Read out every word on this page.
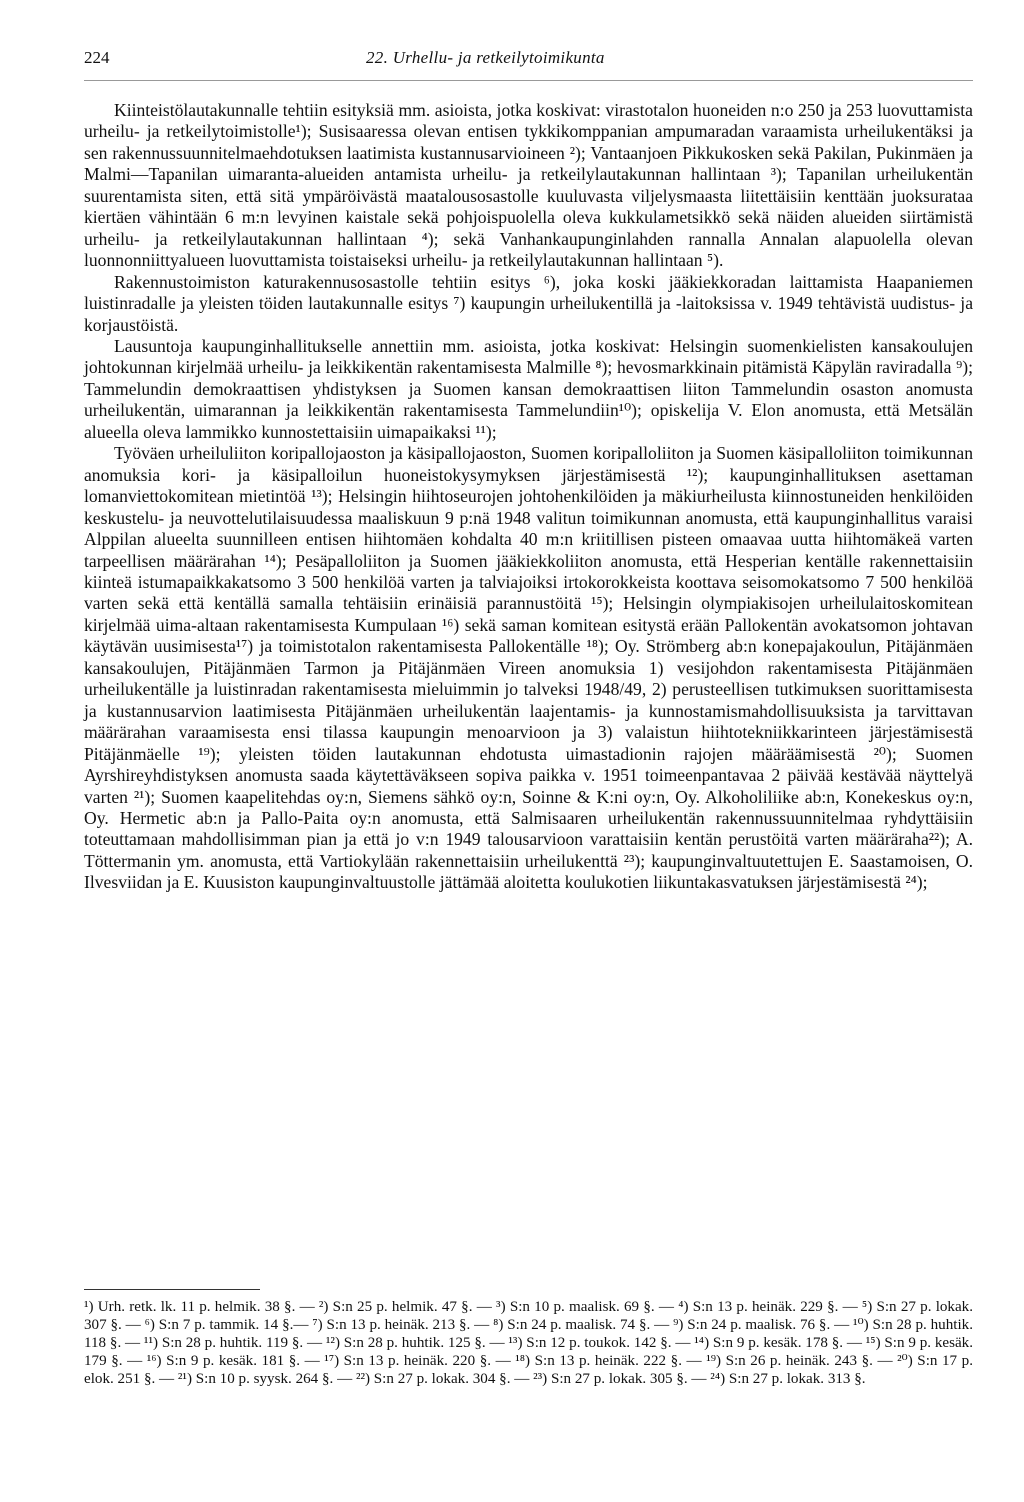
224	22. Urhellu- ja retkeilytoimikunta

Kiinteistölautakunnalle tehtiin esityksiä mm. asioista, jotka koskivat: virastotalon huoneiden n:o 250 ja 253 luovuttamista urheilu- ja retkeilytoimistolle¹); Susisaaressa olevan entisen tykkikomppanian ampumaradan varaamista urheilukentäksi ja sen rakennussuunnitelmaehdotuksen laatimista kustannusarvioineen ²); Vantaanjoen Pikkukosken sekä Pakilan, Pukinmäen ja Malmi—Tapanilan uimaranta-alueiden antamista urheilu- ja retkeilylautakunnan hallintaan ³); Tapanilan urheilukentän suurentamista siten, että sitä ympäröivästä maatalousosastolle kuuluvasta viljelysmaasta liitettäisiin kenttään juoksurataa kiertäen vähintään 6 m:n levyinen kaistale sekä pohjoispuolella oleva kukkulametsikkö sekä näiden alueiden siirtämistä urheilu- ja retkeilylautakunnan hallintaan ⁴); sekä Vanhankaupunginlahden rannalla Annalan alapuolella olevan luonnonniittyalueen luovuttamista toistaiseksi urheilu- ja retkeilylautakunnan hallintaan ⁵).

Rakennustoimiston katurakennusosastolle tehtiin esitys ⁶), joka koski jääkiekkoradan laittamista Haapaniemen luistinradalle ja yleisten töiden lautakunnalle esitys ⁷) kaupungin urheilukentillä ja -laitoksissa v. 1949 tehtävistä uudistus- ja korjaustöistä.

Lausuntoja kaupunginhallitukselle annettiin mm. asioista, jotka koskivat: Helsingin suomenkielisten kansakoulujen johtokunnan kirjelmää urheilu- ja leikkikentän rakentamisesta Malmille ⁸); hevosmarkkinain pitämistä Käpylän raviradalla ⁹); Tammelundin demokraattisen yhdistyksen ja Suomen kansan demokraattisen liiton Tammelundin osaston anomusta urheilukentän, uimarannan ja leikkikentän rakentamisesta Tammelundiin¹⁰); opiskelija V. Elon anomusta, että Metsälän alueella oleva lammikko kunnostettaisiin uimapaikaksi ¹¹);

Työväen urheiluliiton koripallojaoston ja käsipallojaoston, Suomen koripalloliiton ja Suomen käsipalloliiton toimikunnan anomuksia kori- ja käsipalloilun huoneistokysymyksen järjestämisestä ¹²); kaupunginhallituksen asettaman lomanviettokomitean mietintöä ¹³); Helsingin hiihtoseurojen johtohenkilöiden ja mäkiurheilusta kiinnostuneiden henkilöiden keskustelu- ja neuvottelutilaisuudessa maaliskuun 9 p:nä 1948 valitun toimikunnan anomusta, että kaupunginhallitus varaisi Alppilan alueelta suunnilleen entisen hiihtomäen kohdalta 40 m:n kriitillisen pisteen omaavaa uutta hiihtomäkeä varten tarpeellisen määrärahan ¹⁴); Pesäpalloliiton ja Suomen jääkiekkoliiton anomusta, että Hesperian kentälle rakennettaisiin kiinteä istumapaikkakatsomo 3 500 henkilöä varten ja talviajoiksi irtokorokkeista koottava seisomokatsomo 7 500 henkilöä varten sekä että kentällä samalla tehtäisiin erinäisiä parannustöitä ¹⁵); Helsingin olympiakisojen urheilulaitoskomitean kirjelmää uima-altaan rakentamisesta Kumpulaan ¹⁶) sekä saman komitean esitystä erään Pallokentän avokatsomon johtavan käytävän uusimisesta¹⁷) ja toimistotalon rakentamisesta Pallokentälle ¹⁸); Oy. Strömberg ab:n konepajakoulun, Pitäjänmäen kansakoulujen, Pitäjänmäen Tarmon ja Pitäjänmäen Vireen anomuksia 1) vesijohdon rakentamisesta Pitäjänmäen urheilukentälle ja luistinradan rakentamisesta mieluimmin jo talveksi 1948/49, 2) perusteellisen tutkimuksen suorittamisesta ja kustannusarvion laatimisesta Pitäjänmäen urheilukentän laajentamis- ja kunnostamismahdollisuuksista ja tarvittavan määrärahan varaamisesta ensi tilassa kaupungin menoarvioon ja 3) valaistun hiihtotekniikkarinteen järjestämisestä Pitäjänmäelle ¹⁹); yleisten töiden lautakunnan ehdotusta uimastadionin rajojen määräämisestä ²⁰); Suomen Ayrshireyhdistyksen anomusta saada käytettäväkseen sopiva paikka v. 1951 toimeenpantavaa 2 päivää kestävää näyttelyä varten ²¹); Suomen kaapelitehdas oy:n, Siemens sähkö oy:n, Soinne & K:ni oy:n, Oy. Alkoholiliike ab:n, Konekeskus oy:n, Oy. Hermetic ab:n ja Pallo-Paita oy:n anomusta, että Salmisaaren urheilukentän rakennussuunnitelmaa ryhdyttäisiin toteuttamaan mahdollisimman pian ja että jo v:n 1949 talousarvioon varattaisiin kentän perustöitä varten määräraha²²); A. Töttermanin ym. anomusta, että Vartiokylään rakennettaisiin urheilukenttä ²³); kaupunginvaltuutettujen E. Saastamoisen, O. Ilvesviidan ja E. Kuusiston kaupunginvaltuustolle jättämää aloitetta koulukotien liikuntakasvatuksen järjestämisestä ²⁴);

¹) Urh. retk. lk. 11 p. helmik. 38 §. — ²) S:n 25 p. helmik. 47 §. — ³) S:n 10 p. maalisk. 69 §. — ⁴) S:n 13 p. heinäk. 229 §. — ⁵) S:n 27 p. lokak. 307 §. — ⁶) S:n 7 p. tammik. 14 §.— ⁷) S:n 13 p. heinäk. 213 §. — ⁸) S:n 24 p. maalisk. 74 §. — ⁹) S:n 24 p. maalisk. 76 §. — ¹⁰) S:n 28 p. huhtik. 118 §. — ¹¹) S:n 28 p. huhtik. 119 §. — ¹²) S:n 28 p. huhtik. 125 §. — ¹³) S:n 12 p. toukok. 142 §. — ¹⁴) S:n 9 p. kesäk. 178 §. — ¹⁵) S:n 9 p. kesäk. 179 §. — ¹⁶) S:n 9 p. kesäk. 181 §. — ¹⁷) S:n 13 p. heinäk. 220 §. — ¹⁸) S:n 13 p. heinäk. 222 §. — ¹⁹) S:n 26 p. heinäk. 243 §. — ²⁰) S:n 17 p. elok. 251 §. — ²¹) S:n 10 p. syysk. 264 §. — ²²) S:n 27 p. lokak. 304 §. — ²³) S:n 27 p. lokak. 305 §. — ²⁴) S:n 27 p. lokak. 313 §.
